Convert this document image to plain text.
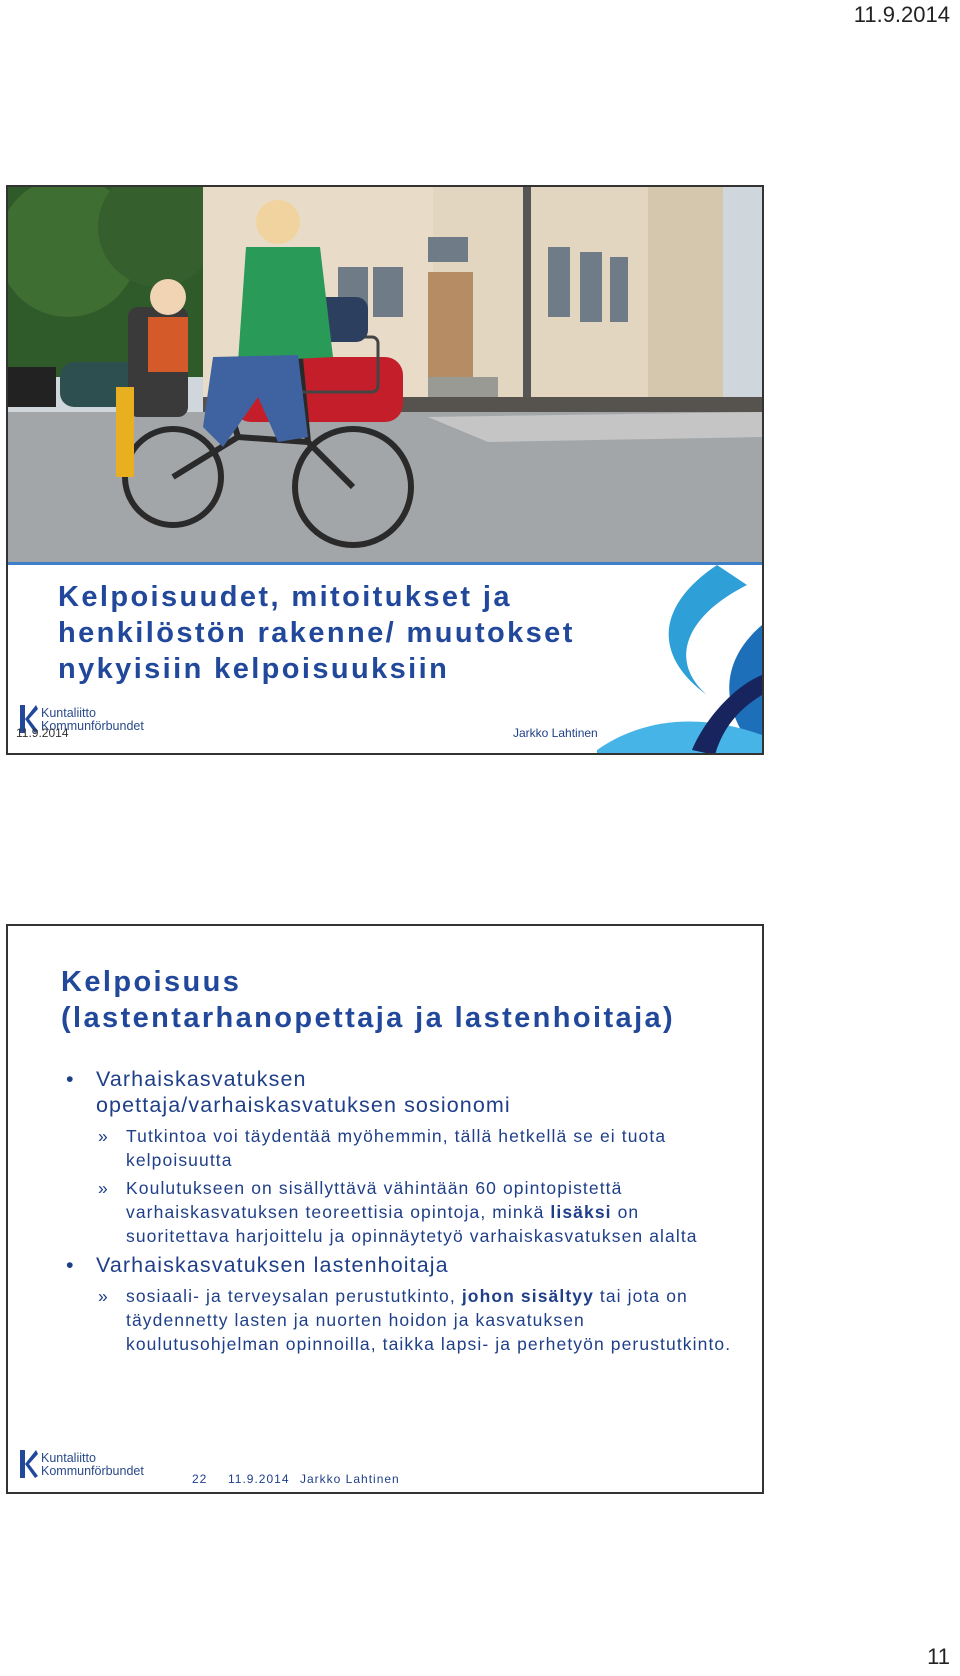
11.9.2014
Kelpoisuudet, mitoitukset ja
henkilöstön rakenne/ muutokset
nykyisiin kelpoisuuksiin
Kuntaliitto
Kommunförbundet
11.9.2014	Jarkko Lahtinen
Kelpoisuus
(lastentarhanopettaja ja lastenhoitaja)
• Varhaiskasvatuksen
opettaja/varhaiskasvatuksen sosionomi
» Tutkintoa voi täydentää myöhemmin, tällä hetkellä se ei tuota kelpoisuutta
» Koulutukseen on sisällyttävä vähintään 60 opintopistettä varhaiskasvatuksen teoreettisia opintoja, minkä lisäksi on suoritettava harjoittelu ja opinnäytetyö varhaiskasvatuksen alalta
• Varhaiskasvatuksen lastenhoitaja
» sosiaali- ja terveysalan perustutkinto, johon sisältyy tai jota on täydennetty lasten ja nuorten hoidon ja kasvatuksen koulutusohjelman opinnoilla, taikka lapsi- ja perhetyön perustutkinto.
Kuntaliitto
Kommunförbundet
22 11.9.2014 Jarkko Lahtinen
11
